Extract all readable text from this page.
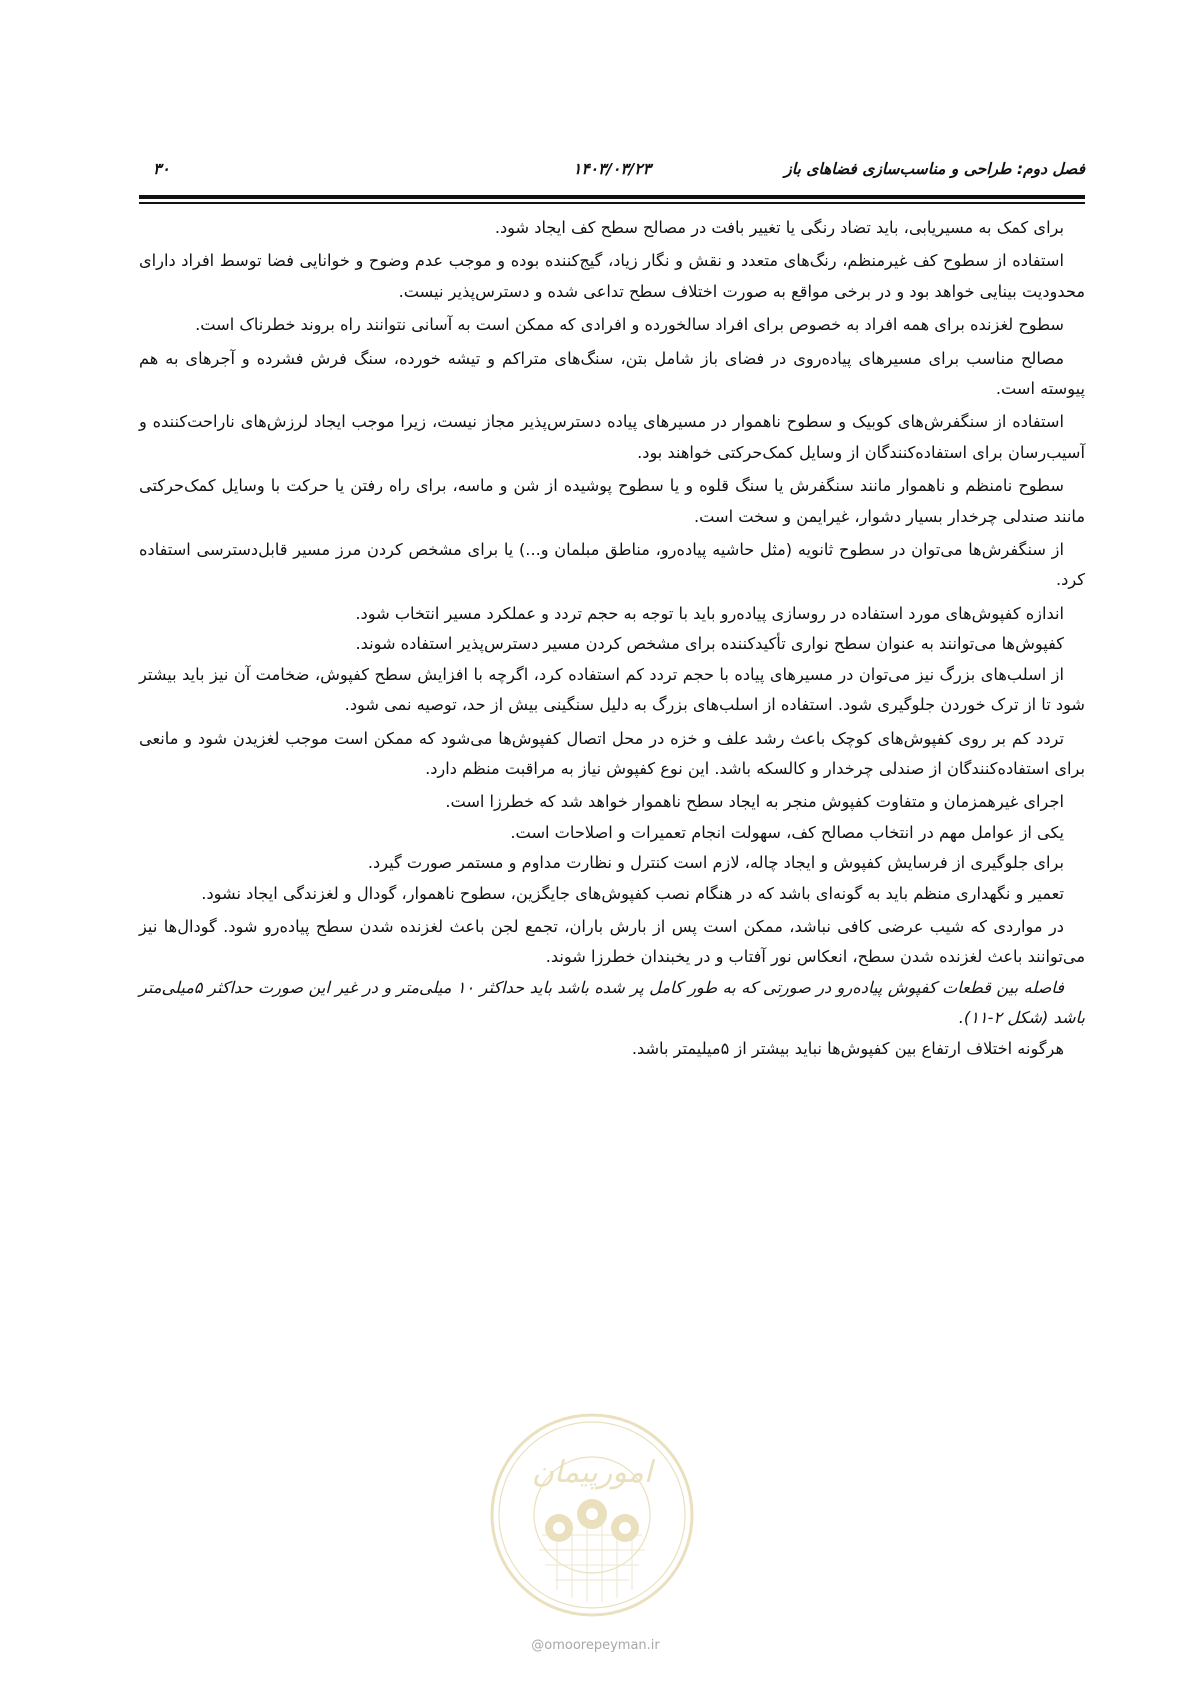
فصل دوم: طراحی و مناسب‌سازی فضاهای باز
۱۴۰۳/۰۳/۲۳
۳۰

برای کمک به مسیریابی، باید تضاد رنگی یا تغییر بافت در مصالح سطح کف ایجاد شود.

استفاده از سطوح کف غیرمنظم، رنگ‌های متعدد و نقش و نگار زیاد، گیج‌کننده بوده و موجب عدم وضوح و خوانایی فضا توسط افراد دارای محدودیت بینایی خواهد بود و در برخی مواقع به صورت اختلاف سطح تداعی شده و دسترس‌پذیر نیست.

سطوح لغزنده برای همه افراد به خصوص برای افراد سالخورده و افرادی که ممکن است به آسانی نتوانند راه بروند خطرناک است.

مصالح مناسب برای مسیرهای پیاده‌روی در فضای باز شامل بتن، سنگ‌های متراکم و تیشه خورده، سنگ فرش فشرده و آجرهای به هم پیوسته است.

استفاده از سنگفرش‌های کوبیک و سطوح ناهموار در مسیرهای پیاده دسترس‌پذیر مجاز نیست، زیرا موجب ایجاد لرزش‌های ناراحت‌کننده و آسیب‌رسان برای استفاده‌کنندگان از وسایل کمک‌حرکتی خواهند بود.

سطوح نامنظم و ناهموار مانند سنگفرش یا سنگ قلوه و یا سطوح پوشیده از شن و ماسه، برای راه رفتن یا حرکت با وسایل کمک‌حرکتی مانند صندلی چرخدار بسیار دشوار، غیرایمن و سخت است.

از سنگفرش‌ها می‌توان در سطوح ثانویه (مثل حاشیه پیاده‌رو، مناطق مبلمان و...) یا برای مشخص کردن مرز مسیر قابل‌دسترسی استفاده کرد.

اندازه کفپوش‌های مورد استفاده در روسازی پیاده‌رو باید با توجه به حجم تردد و عملکرد مسیر انتخاب شود.

کفپوش‌ها می‌توانند به عنوان سطح نواری تأکیدکننده برای مشخص کردن مسیر دسترس‌پذیر استفاده شوند.

از اسلب‌های بزرگ نیز می‌توان در مسیرهای پیاده با حجم تردد کم استفاده کرد، اگرچه با افزایش سطح کفپوش، ضخامت آن نیز باید بیشتر شود تا از ترک خوردن جلوگیری شود. استفاده از اسلب‌های بزرگ به دلیل سنگینی بیش از حد، توصیه نمی شود.

تردد کم بر روی کفپوش‌های کوچک باعث رشد علف و خزه در محل اتصال کفپوش‌ها می‌شود که ممکن است موجب لغزیدن شود و مانعی برای استفاده‌کنندگان از صندلی چرخدار و کالسکه باشد. این نوع کفپوش نیاز به مراقبت منظم دارد.

اجرای غیرهمزمان و متفاوت کفپوش منجر به ایجاد سطح ناهموار خواهد شد که خطرزا است.

یکی از عوامل مهم در انتخاب مصالح کف، سهولت انجام تعمیرات و اصلاحات است.

برای جلوگیری از فرسایش کفپوش و ایجاد چاله، لازم است کنترل و نظارت مداوم و مستمر صورت گیرد.

تعمیر و نگهداری منظم باید به گونه‌ای باشد که در هنگام نصب کفپوش‌های جایگزین، سطوح ناهموار، گودال و لغزندگی ایجاد نشود.

در مواردی که شیب عرضی کافی نباشد، ممکن است پس از بارش باران، تجمع لجن باعث لغزنده شدن سطح پیاده‌رو شود. گودال‌ها نیز می‌توانند باعث لغزنده شدن سطح، انعکاس نور آفتاب و در یخبندان خطرزا شوند.

فاصله بین قطعات کفپوش پیاده‌رو در صورتی که به طور کامل پر شده باشد باید حداکثر ۱۰ میلی‌متر و در غیر این صورت حداکثر ۵میلی‌متر باشد (شکل ۲-۱۱).

هرگونه اختلاف ارتفاع بین کفپوش‌ها نباید بیشتر از ۵میلیمتر باشد.

امورپیمان
@omoorepeyman.ir
